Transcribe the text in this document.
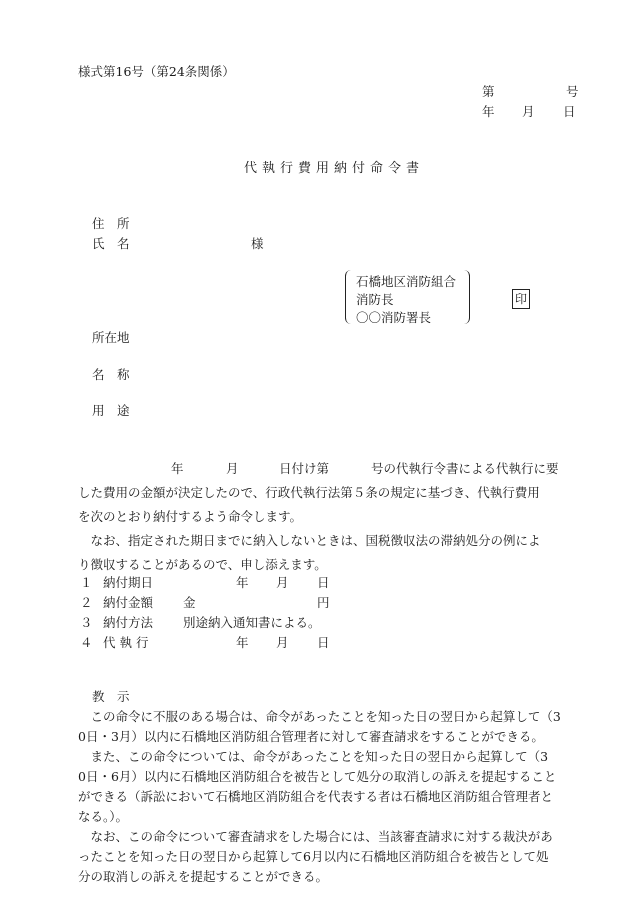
様式第16号（第24条関係）
第	号
年 月 日
代執行費用納付命令書
住　所
氏　名	様
石橋地区消防組合
消防長
〇〇消防署長
印
所在地
名　称
用　途
年	月	日付け第	号の代執行令書による代執行に要
した費用の金額が決定したので、行政代執行法第５条の規定に基づき、代執行費用
を次のとおり納付するよう命令します。
　なお、指定された期日までに納入しないときは、国税徴収法の滞納処分の例によ
り徴収することがあるので、申し添えます。
１ 納付期日	年 月 日
２ 納付金額 金	円
３ 納付方法 別途納入通知書による。
４ 代 執 行	年 月 日
教　示
　この命令に不服のある場合は、命令があったことを知った日の翌日から起算して（3
0日・3月）以内に石橋地区消防組合管理者に対して審査請求をすることができる。
　また、この命令については、命令があったことを知った日の翌日から起算して（3
0日・6月）以内に石橋地区消防組合を被告として処分の取消しの訴えを提起すること
ができる（訴訟において石橋地区消防組合を代表する者は石橋地区消防組合管理者と
なる。）。
　なお、この命令について審査請求をした場合には、当該審査請求に対する裁決があ
ったことを知った日の翌日から起算して6月以内に石橋地区消防組合を被告として処
分の取消しの訴えを提起することができる。
